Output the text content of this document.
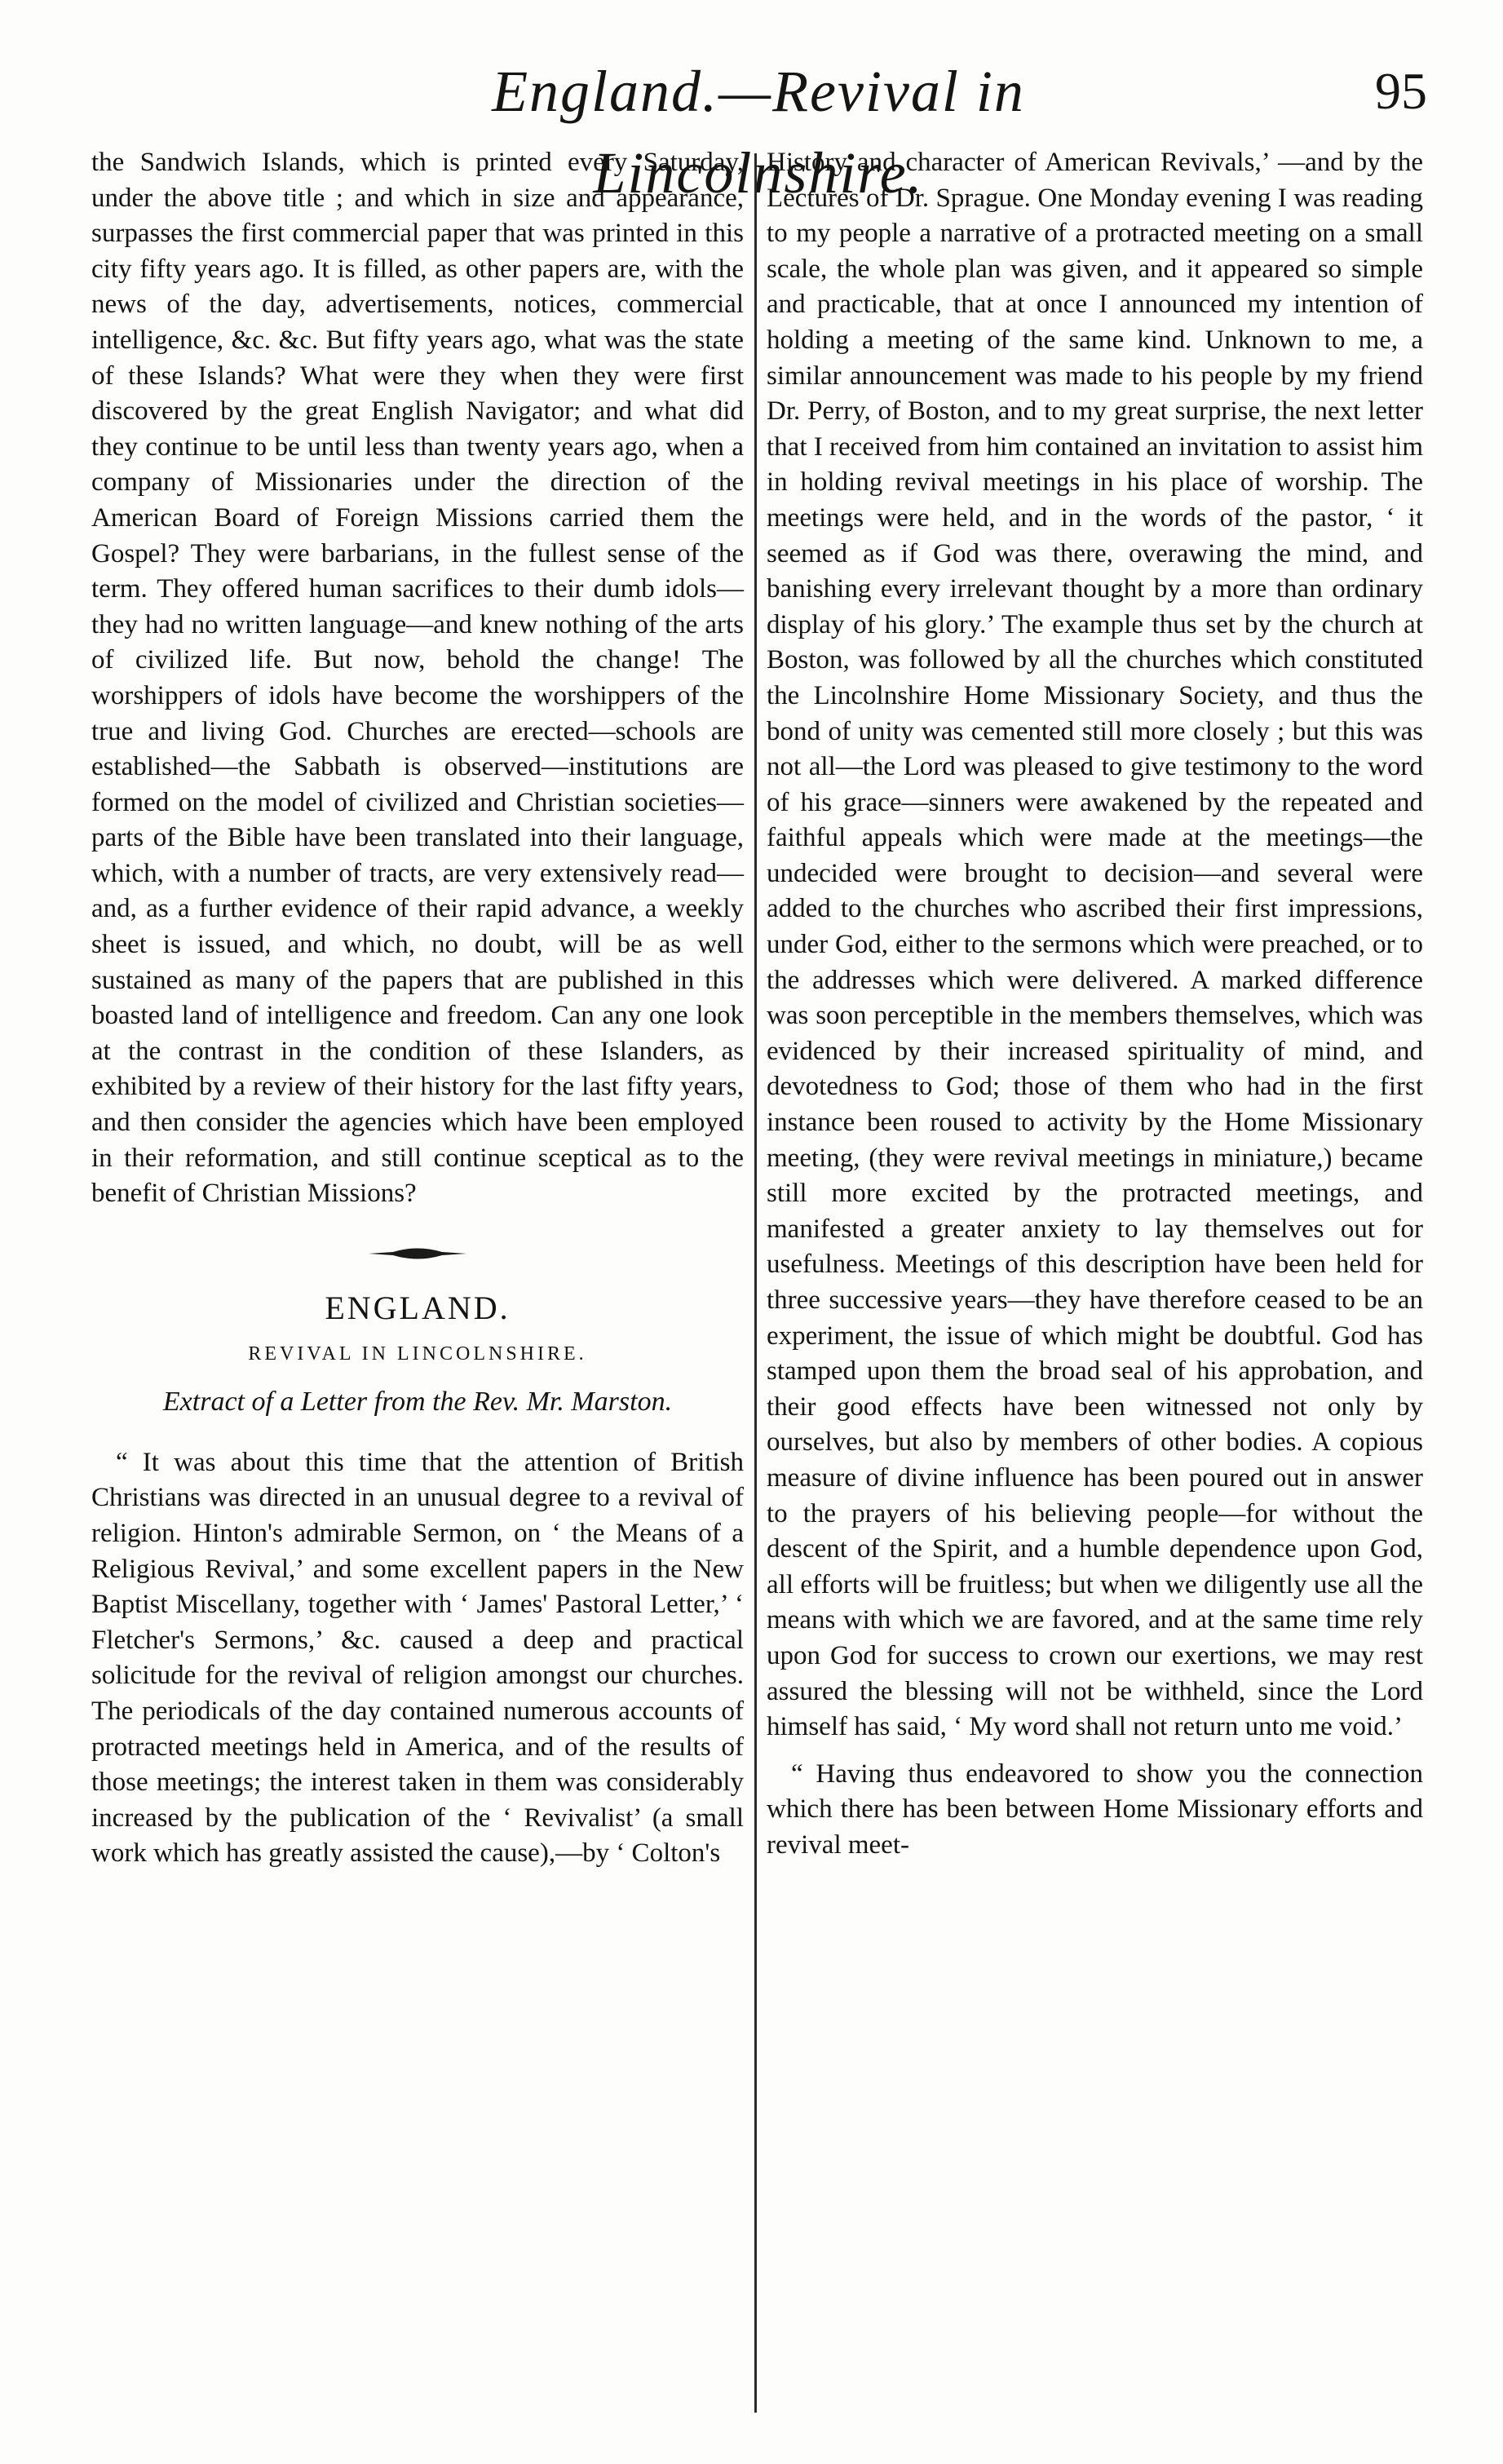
England.—Revival in Lincolnshire.
95

the Sandwich Islands, which is printed every Saturday, under the above title ; and which in size and appearance, surpasses the first commercial paper that was printed in this city fifty years ago. It is filled, as other papers are, with the news of the day, advertisements, notices, commercial intelligence, &c. &c. But fifty years ago, what was the state of these Islands? What were they when they were first discovered by the great English Navigator; and what did they continue to be until less than twenty years ago, when a company of Missionaries under the direction of the American Board of Foreign Missions carried them the Gospel? They were barbarians, in the fullest sense of the term. They offered human sacrifices to their dumb idols—they had no written language—and knew nothing of the arts of civilized life. But now, behold the change! The worshippers of idols have become the worshippers of the true and living God. Churches are erected—schools are established—the Sabbath is observed—institutions are formed on the model of civilized and Christian societies—parts of the Bible have been translated into their language, which, with a number of tracts, are very extensively read—and, as a further evidence of their rapid advance, a weekly sheet is issued, and which, no doubt, will be as well sustained as many of the papers that are published in this boasted land of intelligence and freedom. Can any one look at the contrast in the condition of these Islanders, as exhibited by a review of their history for the last fifty years, and then consider the agencies which have been employed in their reformation, and still continue sceptical as to the benefit of Christian Missions?

ENGLAND.
REVIVAL IN LINCOLNSHIRE.
Extract of a Letter from the Rev. Mr. Marston.

“ It was about this time that the attention of British Christians was directed in an unusual degree to a revival of religion. Hinton's admirable Sermon, on ‘ the Means of a Religious Revival,’ and some excellent papers in the New Baptist Miscellany, together with ‘ James' Pastoral Letter,’ ‘ Fletcher's Sermons,’ &c. caused a deep and practical solicitude for the revival of religion amongst our churches. The periodicals of the day contained numerous accounts of protracted meetings held in America, and of the results of those meetings; the interest taken in them was considerably increased by the publication of the ‘ Revivalist’ (a small work which has greatly assisted the cause),—by ‘ Colton's

History and character of American Revivals,’ —and by the Lectures of Dr. Sprague. One Monday evening I was reading to my people a narrative of a protracted meeting on a small scale, the whole plan was given, and it appeared so simple and practicable, that at once I announced my intention of holding a meeting of the same kind. Unknown to me, a similar announcement was made to his people by my friend Dr. Perry, of Boston, and to my great surprise, the next letter that I received from him contained an invitation to assist him in holding revival meetings in his place of worship. The meetings were held, and in the words of the pastor, ‘ it seemed as if God was there, overawing the mind, and banishing every irrelevant thought by a more than ordinary display of his glory.’ The example thus set by the church at Boston, was followed by all the churches which constituted the Lincolnshire Home Missionary Society, and thus the bond of unity was cemented still more closely ; but this was not all—the Lord was pleased to give testimony to the word of his grace—sinners were awakened by the repeated and faithful appeals which were made at the meetings—the undecided were brought to decision—and several were added to the churches who ascribed their first impressions, under God, either to the sermons which were preached, or to the addresses which were delivered. A marked difference was soon perceptible in the members themselves, which was evidenced by their increased spirituality of mind, and devotedness to God; those of them who had in the first instance been roused to activity by the Home Missionary meeting, (they were revival meetings in miniature,) became still more excited by the protracted meetings, and manifested a greater anxiety to lay themselves out for usefulness. Meetings of this description have been held for three successive years—they have therefore ceased to be an experiment, the issue of which might be doubtful. God has stamped upon them the broad seal of his approbation, and their good effects have been witnessed not only by ourselves, but also by members of other bodies. A copious measure of divine influence has been poured out in answer to the prayers of his believing people—for without the descent of the Spirit, and a humble dependence upon God, all efforts will be fruitless; but when we diligently use all the means with which we are favored, and at the same time rely upon God for success to crown our exertions, we may rest assured the blessing will not be withheld, since the Lord himself has said, ‘ My word shall not return unto me void.’

“ Having thus endeavored to show you the connection which there has been between Home Missionary efforts and revival meet-
